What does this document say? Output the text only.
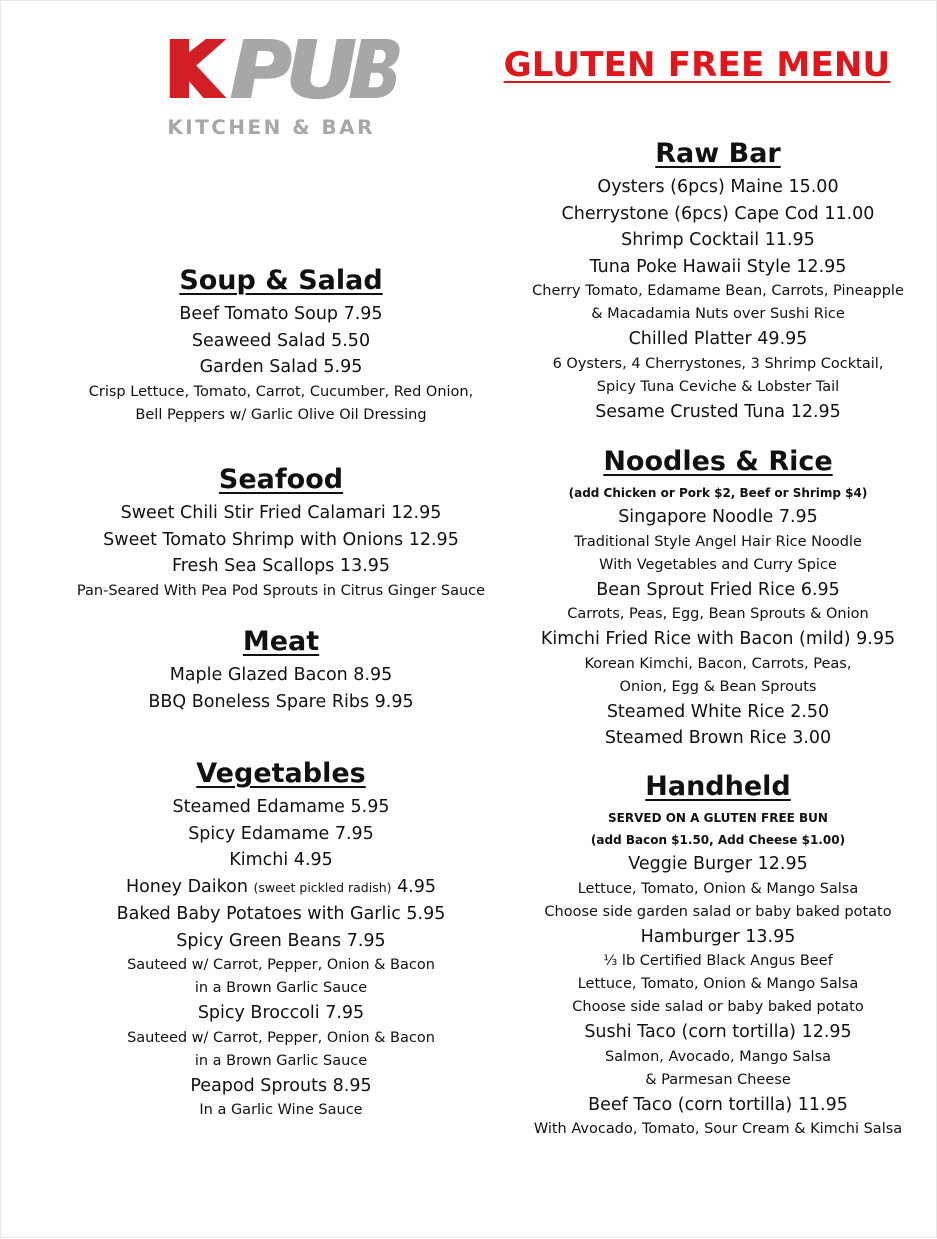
KITCHEN & BAR
GLUTEN FREE MENU
Soup & Salad
Beef Tomato Soup 7.95
Seaweed Salad 5.50
Garden Salad 5.95
Crisp Lettuce, Tomato, Carrot, Cucumber, Red Onion,
Bell Peppers w/ Garlic Olive Oil Dressing
Seafood
Sweet Chili Stir Fried Calamari 12.95
Sweet Tomato Shrimp with Onions 12.95
Fresh Sea Scallops 13.95
Pan-Seared With Pea Pod Sprouts in Citrus Ginger Sauce
Meat
Maple Glazed Bacon 8.95
BBQ Boneless Spare Ribs 9.95
Vegetables
Steamed Edamame 5.95
Spicy Edamame 7.95
Kimchi 4.95
Honey Daikon (sweet pickled radish) 4.95
Baked Baby Potatoes with Garlic 5.95
Spicy Green Beans 7.95
Sauteed w/ Carrot, Pepper, Onion & Bacon
in a Brown Garlic Sauce
Spicy Broccoli 7.95
Sauteed w/ Carrot, Pepper, Onion & Bacon
in a Brown Garlic Sauce
Peapod Sprouts 8.95
In a Garlic Wine Sauce
Raw Bar
Oysters (6pcs) Maine 15.00
Cherrystone (6pcs) Cape Cod 11.00
Shrimp Cocktail 11.95
Tuna Poke Hawaii Style 12.95
Cherry Tomato, Edamame Bean, Carrots, Pineapple
& Macadamia Nuts over Sushi Rice
Chilled Platter 49.95
6 Oysters, 4 Cherrystones, 3 Shrimp Cocktail,
Spicy Tuna Ceviche & Lobster Tail
Sesame Crusted Tuna 12.95
Noodles & Rice
(add Chicken or Pork $2, Beef or Shrimp $4)
Singapore Noodle 7.95
Traditional Style Angel Hair Rice Noodle
With Vegetables and Curry Spice
Bean Sprout Fried Rice 6.95
Carrots, Peas, Egg, Bean Sprouts & Onion
Kimchi Fried Rice with Bacon (mild) 9.95
Korean Kimchi, Bacon, Carrots, Peas,
Onion, Egg & Bean Sprouts
Steamed White Rice 2.50
Steamed Brown Rice 3.00
Handheld
SERVED ON A GLUTEN FREE BUN
(add Bacon $1.50, Add Cheese $1.00)
Veggie Burger 12.95
Lettuce, Tomato, Onion & Mango Salsa
Choose side garden salad or baby baked potato
Hamburger 13.95
⅓ lb Certified Black Angus Beef
Lettuce, Tomato, Onion & Mango Salsa
Choose side salad or baby baked potato
Sushi Taco (corn tortilla) 12.95
Salmon, Avocado, Mango Salsa
& Parmesan Cheese
Beef Taco (corn tortilla) 11.95
With Avocado, Tomato, Sour Cream & Kimchi Salsa
